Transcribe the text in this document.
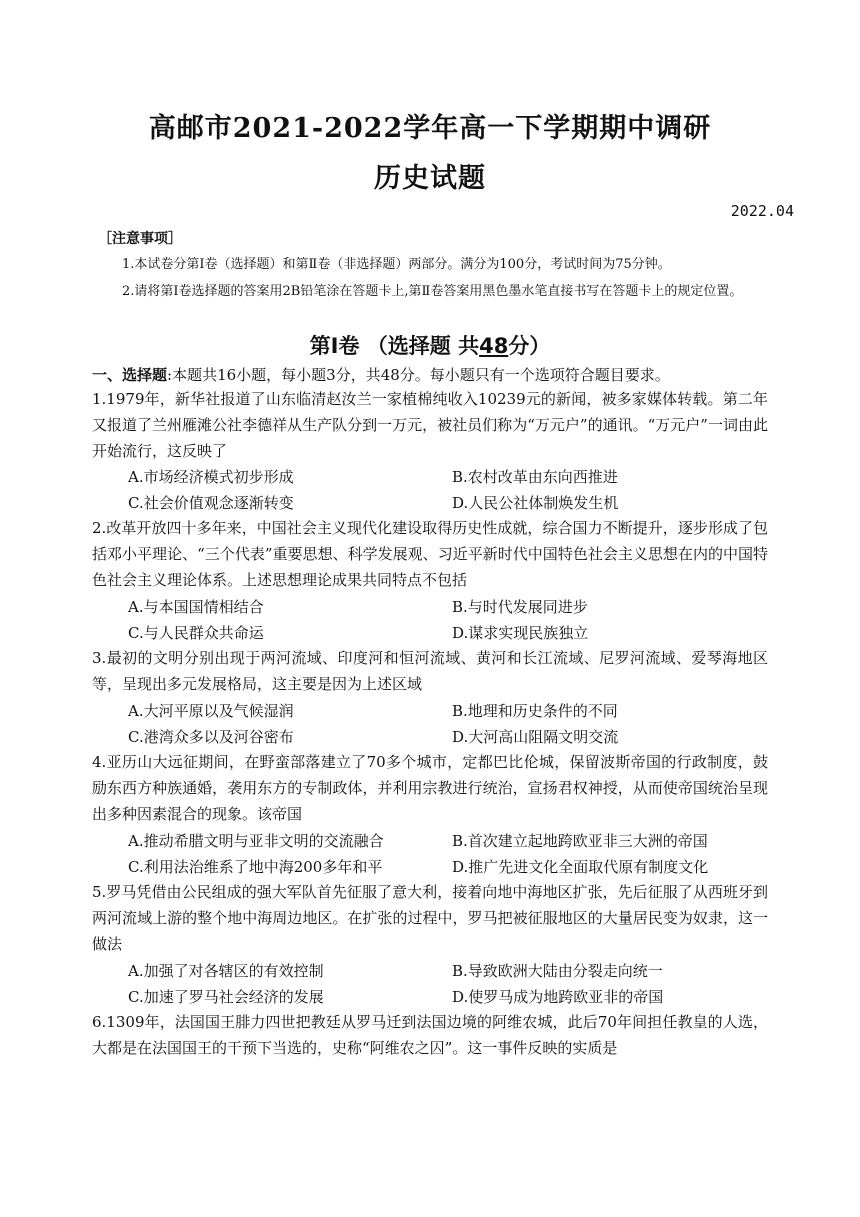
高邮市2021-2022学年高一下学期期中调研
历史试题
2022.04
［注意事项］
1.本试卷分第Ⅰ卷（选择题）和第Ⅱ卷（非选择题）两部分。满分为100分，考试时间为75分钟。
2.请将第Ⅰ卷选择题的答案用2B铅笔涂在答题卡上,第Ⅱ卷答案用黑色墨水笔直接书写在答题卡上的规定位置。
第Ⅰ卷 （选择题 共48分）
一、选择题:本题共16小题，每小题3分，共48分。每小题只有一个选项符合题目要求。
1.1979年，新华社报道了山东临清赵汝兰一家植棉纯收入10239元的新闻，被多家媒体转载。第二年又报道了兰州雁滩公社李德祥从生产队分到一万元，被社员们称为“万元户”的通讯。“万元户”一词由此开始流行，这反映了
A.市场经济模式初步形成	B.农村改革由东向西推进
C.社会价值观念逐渐转变	D.人民公社体制焕发生机
2.改革开放四十多年来，中国社会主义现代化建设取得历史性成就，综合国力不断提升，逐步形成了包括邓小平理论、“三个代表”重要思想、科学发展观、习近平新时代中国特色社会主义思想在内的中国特色社会主义理论体系。上述思想理论成果共同特点不包括
A.与本国国情相结合	B.与时代发展同进步
C.与人民群众共命运	D.谋求实现民族独立
3.最初的文明分别出现于两河流域、印度河和恒河流域、黄河和长江流域、尼罗河流域、爱琴海地区等，呈现出多元发展格局，这主要是因为上述区域
A.大河平原以及气候湿润	B.地理和历史条件的不同
C.港湾众多以及河谷密布	D.大河高山阻隔文明交流
4.亚历山大远征期间，在野蛮部落建立了70多个城市，定都巴比伦城，保留波斯帝国的行政制度，鼓励东西方种族通婚，袭用东方的专制政体，并利用宗教进行统治，宣扬君权神授，从而使帝国统治呈现出多种因素混合的现象。该帝国
A.推动希腊文明与亚非文明的交流融合	B.首次建立起地跨欧亚非三大洲的帝国
C.利用法治维系了地中海200多年和平	D.推广先进文化全面取代原有制度文化
5.罗马凭借由公民组成的强大军队首先征服了意大利，接着向地中海地区扩张，先后征服了从西班牙到两河流域上游的整个地中海周边地区。在扩张的过程中，罗马把被征服地区的大量居民变为奴隶，这一做法
A.加强了对各辖区的有效控制	B.导致欧洲大陆由分裂走向统一
C.加速了罗马社会经济的发展	D.使罗马成为地跨欧亚非的帝国
6.1309年，法国国王腓力四世把教廷从罗马迁到法国边境的阿维农城，此后70年间担任教皇的人选，大都是在法国国王的干预下当选的，史称“阿维农之囚”。这一事件反映的实质是
